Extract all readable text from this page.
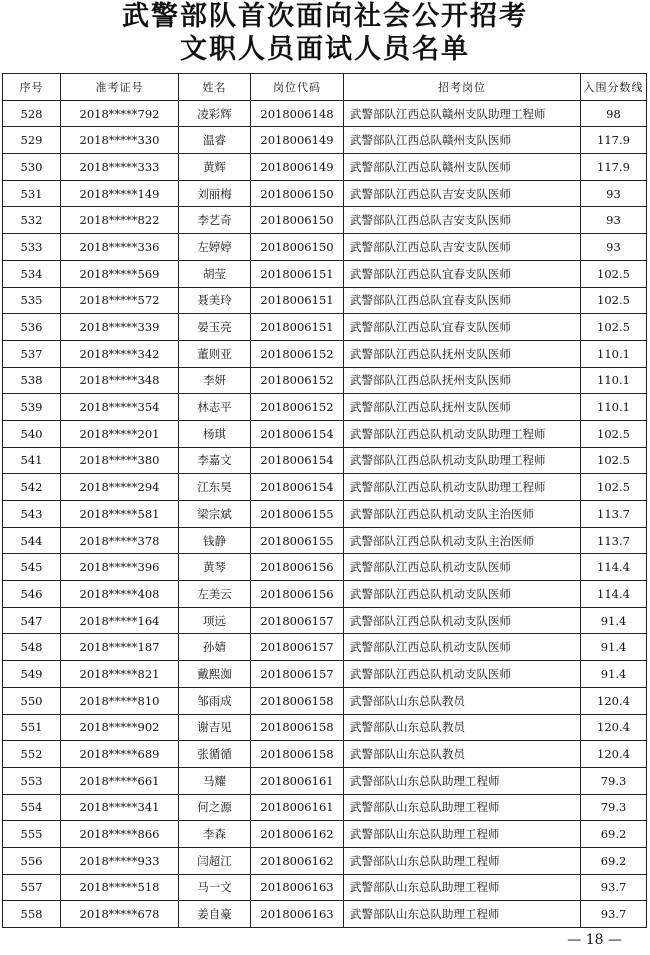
武警部队首次面向社会公开招考
文职人员面试人员名单
序号	准考证号	姓名	岗位代码	招考岗位	入围分数线
528	2018*****792	凌彩辉	2018006148	武警部队江西总队赣州支队助理工程师	98
529	2018*****330	温睿	2018006149	武警部队江西总队赣州支队医师	117.9
530	2018*****333	黄辉	2018006149	武警部队江西总队赣州支队医师	117.9
531	2018*****149	刘丽梅	2018006150	武警部队江西总队吉安支队医师	93
532	2018*****822	李艺奇	2018006150	武警部队江西总队吉安支队医师	93
533	2018*****336	左婷婷	2018006150	武警部队江西总队吉安支队医师	93
534	2018*****569	胡莹	2018006151	武警部队江西总队宜春支队医师	102.5
535	2018*****572	聂美玲	2018006151	武警部队江西总队宜春支队医师	102.5
536	2018*****339	晏玉亮	2018006151	武警部队江西总队宜春支队医师	102.5
537	2018*****342	董则亚	2018006152	武警部队江西总队抚州支队医师	110.1
538	2018*****348	李妍	2018006152	武警部队江西总队抚州支队医师	110.1
539	2018*****354	林志平	2018006152	武警部队江西总队抚州支队医师	110.1
540	2018*****201	杨琪	2018006154	武警部队江西总队机动支队助理工程师	102.5
541	2018*****380	李嘉文	2018006154	武警部队江西总队机动支队助理工程师	102.5
542	2018*****294	江东昊	2018006154	武警部队江西总队机动支队助理工程师	102.5
543	2018*****581	梁宗斌	2018006155	武警部队江西总队机动支队主治医师	113.7
544	2018*****378	钱静	2018006155	武警部队江西总队机动支队主治医师	113.7
545	2018*****396	黄琴	2018006156	武警部队江西总队机动支队医师	114.4
546	2018*****408	左美云	2018006156	武警部队江西总队机动支队医师	114.4
547	2018*****164	项远	2018006157	武警部队江西总队机动支队医师	91.4
548	2018*****187	孙婧	2018006157	武警部队江西总队机动支队医师	91.4
549	2018*****821	戴熙洳	2018006157	武警部队江西总队机动支队医师	91.4
550	2018*****810	邹雨成	2018006158	武警部队山东总队教员	120.4
551	2018*****902	谢吉见	2018006158	武警部队山东总队教员	120.4
552	2018*****689	张循循	2018006158	武警部队山东总队教员	120.4
553	2018*****661	马耀	2018006161	武警部队山东总队助理工程师	79.3
554	2018*****341	何之源	2018006161	武警部队山东总队助理工程师	79.3
555	2018*****866	李森	2018006162	武警部队山东总队助理工程师	69.2
556	2018*****933	闫超江	2018006162	武警部队山东总队助理工程师	69.2
557	2018*****518	马一文	2018006163	武警部队山东总队助理工程师	93.7
558	2018*****678	姜自豪	2018006163	武警部队山东总队助理工程师	93.7
— 18 —
